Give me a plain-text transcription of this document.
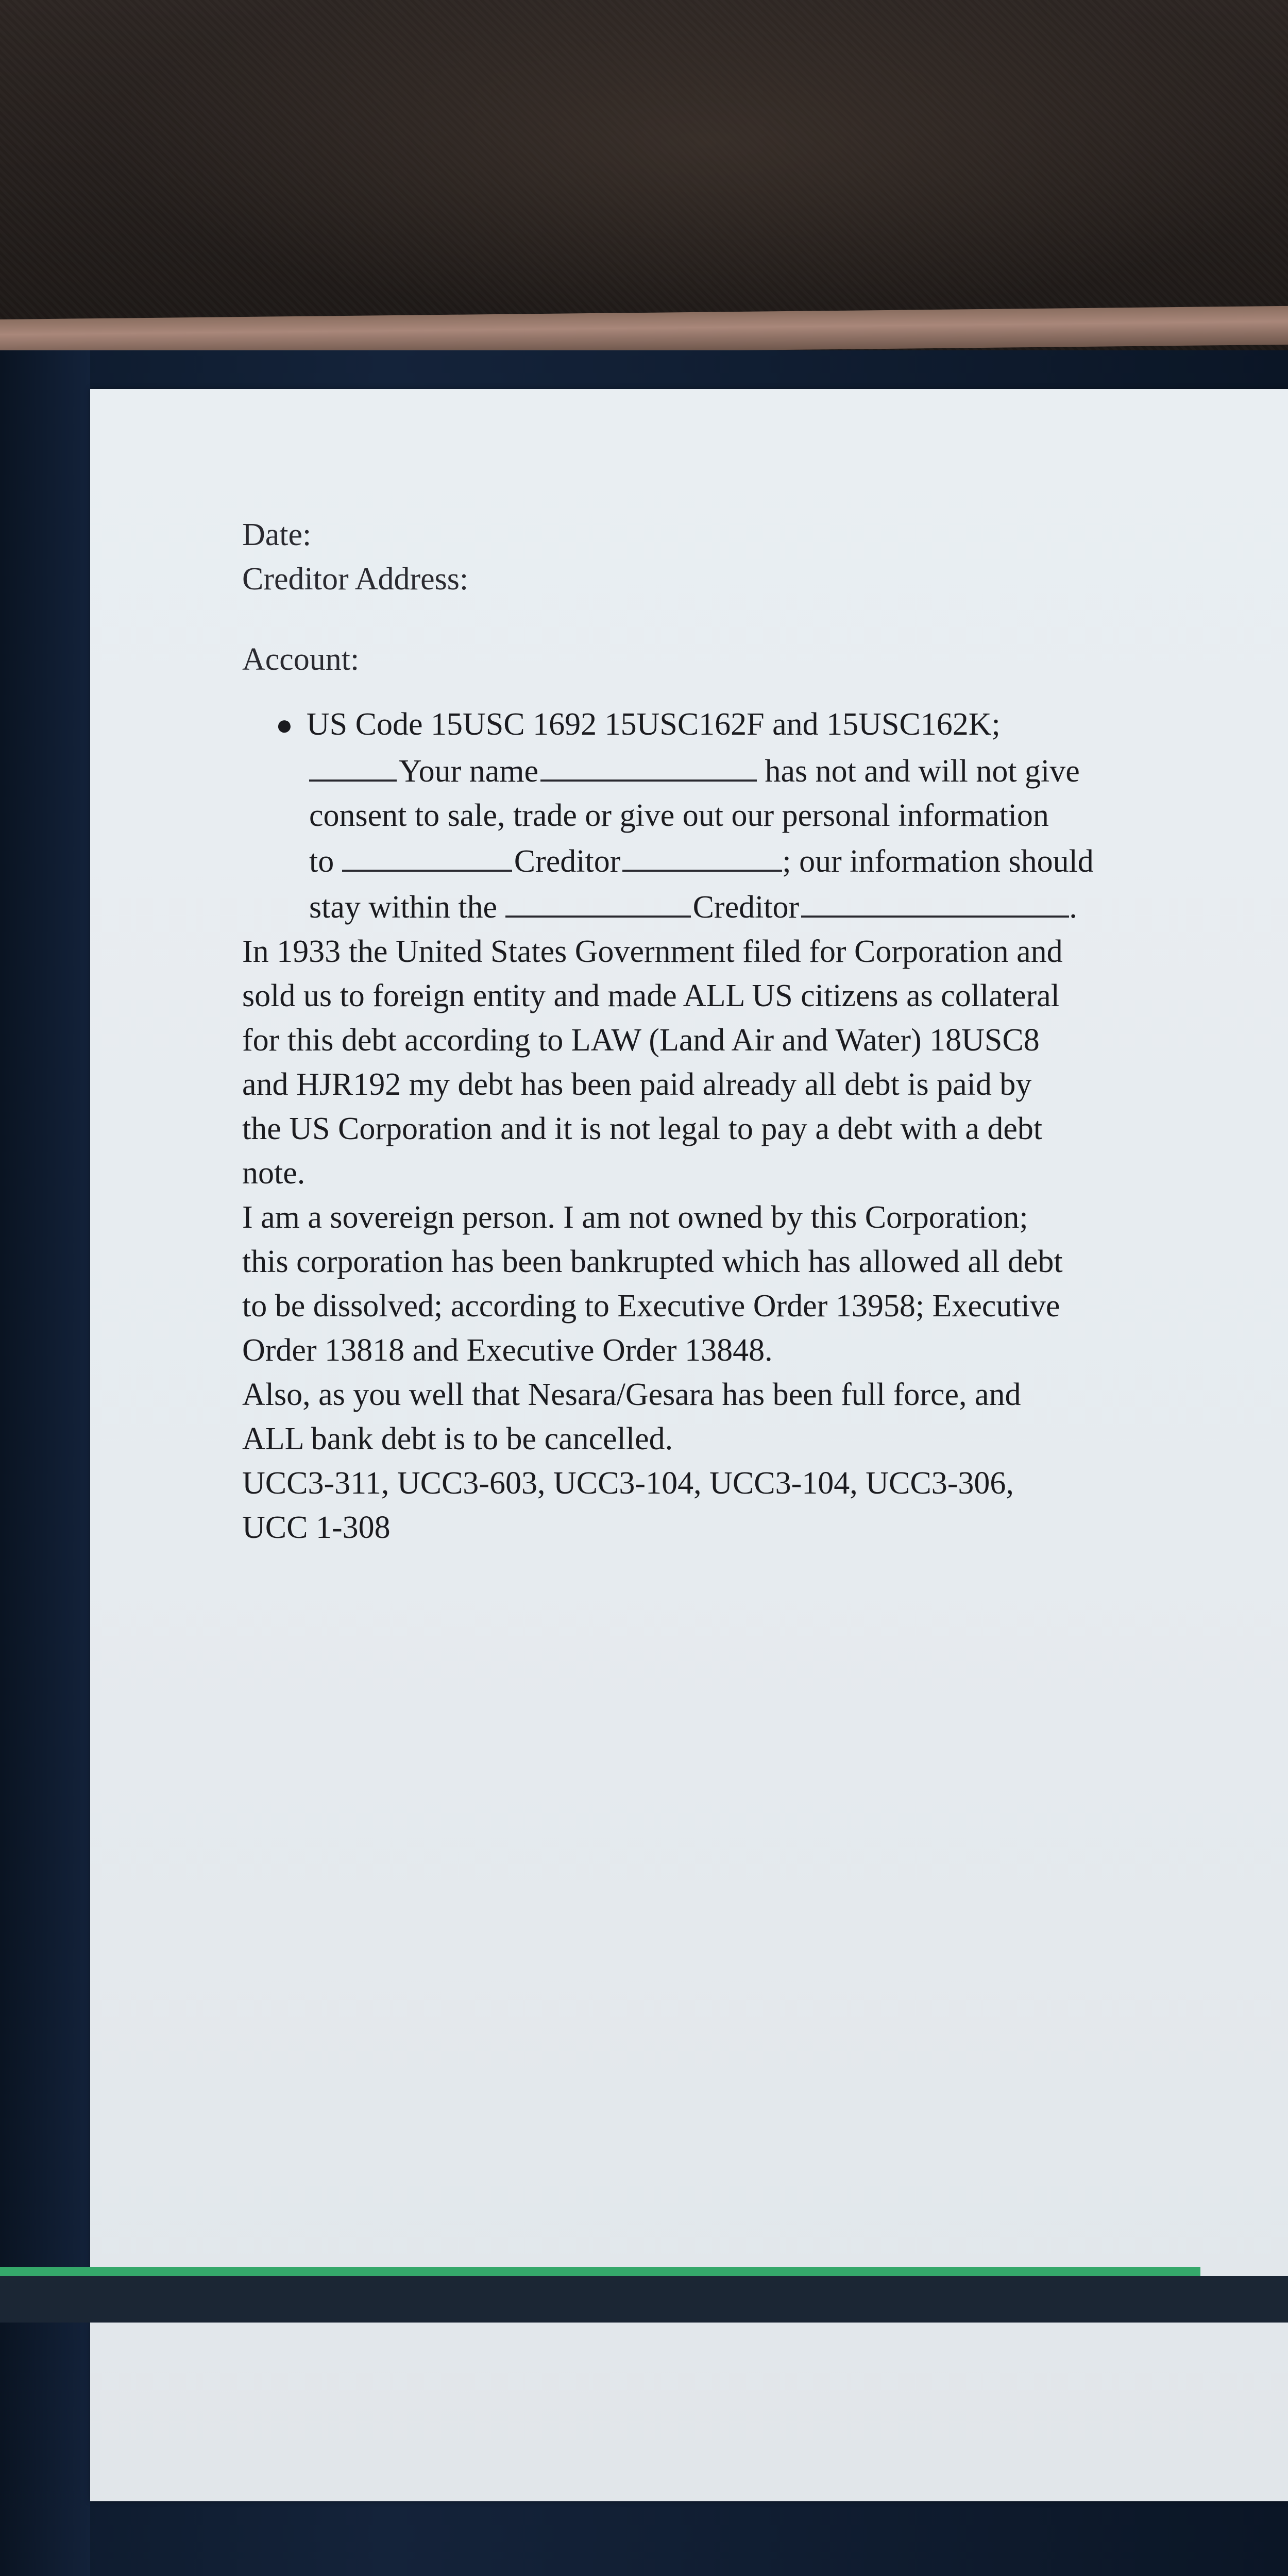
Date:
Creditor Address:
Account:
● US Code 15USC 1692 15USC162F and 15USC162K;
Your name	has not and will not give
consent to sale, trade or give out our personal information
to	Creditor	; our information should
stay within the	Creditor	.
In 1933 the United States Government filed for Corporation and
sold us to foreign entity and made ALL US citizens as collateral
for this debt according to LAW (Land Air and Water) 18USC8
and HJR192 my debt has been paid already all debt is paid by
the US Corporation and it is not legal to pay a debt with a debt
note.
I am a sovereign person. I am not owned by this Corporation;
this corporation has been bankrupted which has allowed all debt
to be dissolved; according to Executive Order 13958; Executive
Order 13818 and Executive Order 13848.
Also, as you well that Nesara/Gesara has been full force, and
ALL bank debt is to be cancelled.
UCC3-311, UCC3-603, UCC3-104, UCC3-104, UCC3-306,
UCC 1-308
